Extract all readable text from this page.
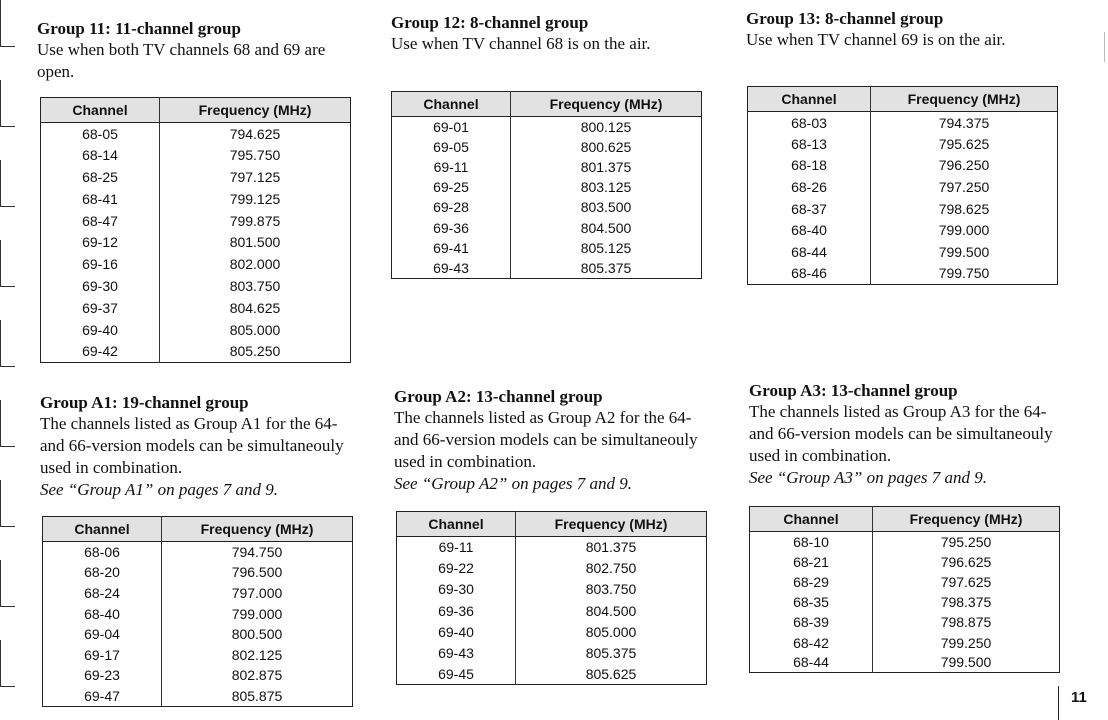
Group 11: 11-channel group
Use when both TV channels 68 and 69 are open.
Channel	Frequency (MHz)
68-05	794.625
68-14	795.750
68-25	797.125
68-41	799.125
68-47	799.875
69-12	801.500
69-16	802.000
69-30	803.750
69-37	804.625
69-40	805.000
69-42	805.250
Group 12: 8-channel group
Use when TV channel 68 is on the air.
Channel	Frequency (MHz)
69-01	800.125
69-05	800.625
69-11	801.375
69-25	803.125
69-28	803.500
69-36	804.500
69-41	805.125
69-43	805.375
Group 13: 8-channel group
Use when TV channel 69 is on the air.
Channel	Frequency (MHz)
68-03	794.375
68-13	795.625
68-18	796.250
68-26	797.250
68-37	798.625
68-40	799.000
68-44	799.500
68-46	799.750
Group A1: 19-channel group
The channels listed as Group A1 for the 64- and 66-version models can be simultaneouly used in combination.
See “Group A1” on pages 7 and 9.
Channel	Frequency (MHz)
68-06	794.750
68-20	796.500
68-24	797.000
68-40	799.000
69-04	800.500
69-17	802.125
69-23	802.875
69-47	805.875
Group A2: 13-channel group
The channels listed as Group A2 for the 64- and 66-version models can be simultaneouly used in combination.
See “Group A2” on pages 7 and 9.
Channel	Frequency (MHz)
69-11	801.375
69-22	802.750
69-30	803.750
69-36	804.500
69-40	805.000
69-43	805.375
69-45	805.625
Group A3: 13-channel group
The channels listed as Group A3 for the 64- and 66-version models can be simultaneouly used in combination.
See “Group A3” on pages 7 and 9.
Channel	Frequency (MHz)
68-10	795.250
68-21	796.625
68-29	797.625
68-35	798.375
68-39	798.875
68-42	799.250
68-44	799.500
11
